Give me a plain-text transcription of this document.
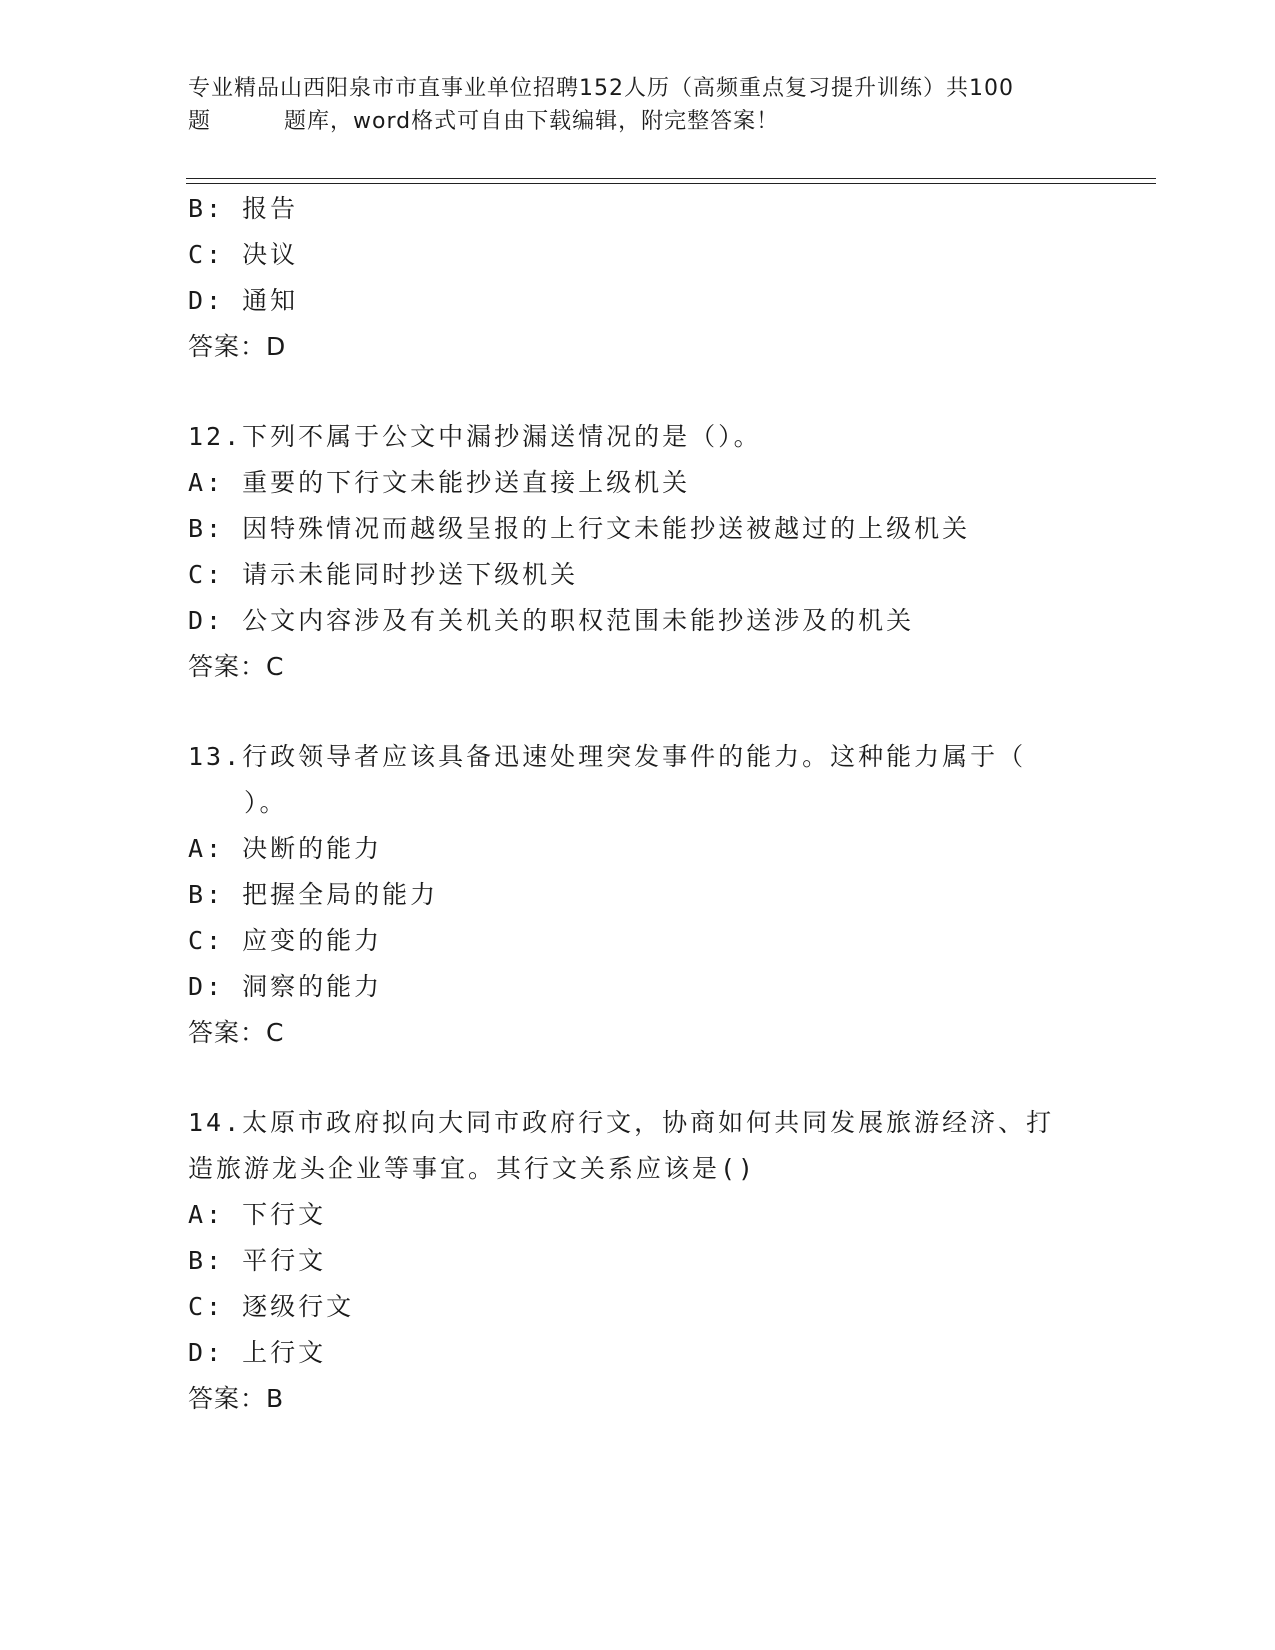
专业精品山西阳泉市市直事业单位招聘152人历（高频重点复习提升训练）共100
题	题库，word格式可自由下载编辑，附完整答案！
B: 报告
C: 决议
D: 通知
答案：D
12.下列不属于公文中漏抄漏送情况的是（）。
A: 重要的下行文未能抄送直接上级机关
B: 因特殊情况而越级呈报的上行文未能抄送被越过的上级机关
C: 请示未能同时抄送下级机关
D: 公文内容涉及有关机关的职权范围未能抄送涉及的机关
答案：C
13.行政领导者应该具备迅速处理突发事件的能力。这种能力属于（
）。
A: 决断的能力
B: 把握全局的能力
C: 应变的能力
D: 洞察的能力
答案：C
14.太原市政府拟向大同市政府行文，协商如何共同发展旅游经济、打
造旅游龙头企业等事宜。其行文关系应该是()
A: 下行文
B: 平行文
C: 逐级行文
D: 上行文
答案：B
